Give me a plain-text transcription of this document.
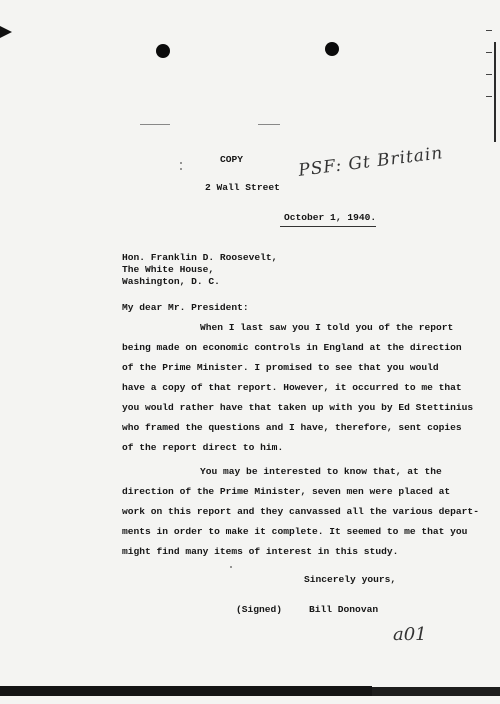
PSF: Gt Britain
COPY
2 Wall Street
October 1, 1940.
Hon. Franklin D. Roosevelt,
The White House,
Washington, D. C.
My dear Mr. President:
When I last saw you I told you of the report
being made on economic controls in England at the direction
of the Prime Minister. I promised to see that you would
have a copy of that report. However, it occurred to me that
you would rather have that taken up with you by Ed Stettinius
who framed the questions and I have, therefore, sent copies
of the report direct to him.
You may be interested to know that, at the
direction of the Prime Minister, seven men were placed at
work on this report and they canvassed all the various depart-
ments in order to make it complete. It seemed to me that you
might find many items of interest in this study.
Sincerely yours,
(Signed)	Bill Donovan
a01
